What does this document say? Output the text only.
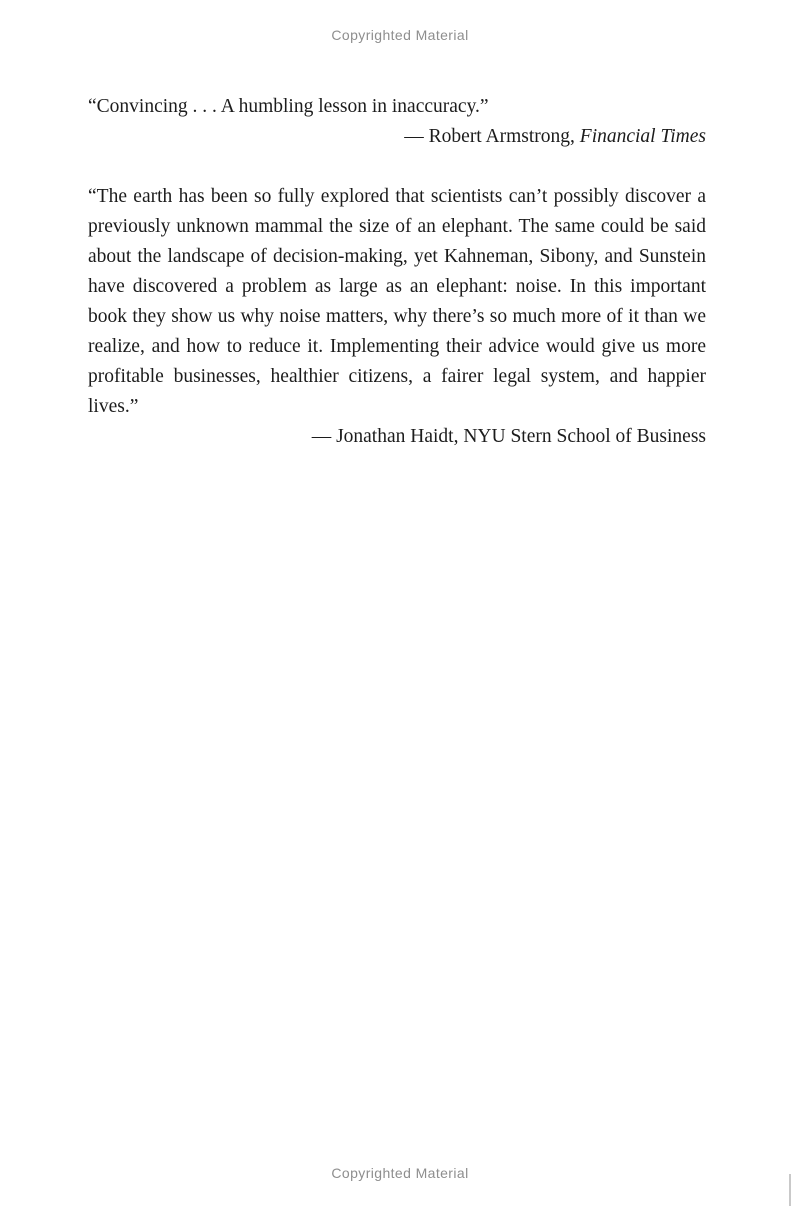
Copyrighted Material

“Convincing . . . A humbling lesson in inaccuracy.”

— Robert Armstrong, Financial Times

“The earth has been so fully explored that scientists can’t possibly discover a previously unknown mammal the size of an elephant. The same could be said about the landscape of decision-making, yet Kahneman, Sibony, and Sunstein have discovered a problem as large as an elephant: noise. In this important book they show us why noise matters, why there’s so much more of it than we realize, and how to reduce it. Implementing their advice would give us more profitable businesses, healthier citizens, a fairer legal system, and happier lives.”

— Jonathan Haidt, NYU Stern School of Business

Copyrighted Material
